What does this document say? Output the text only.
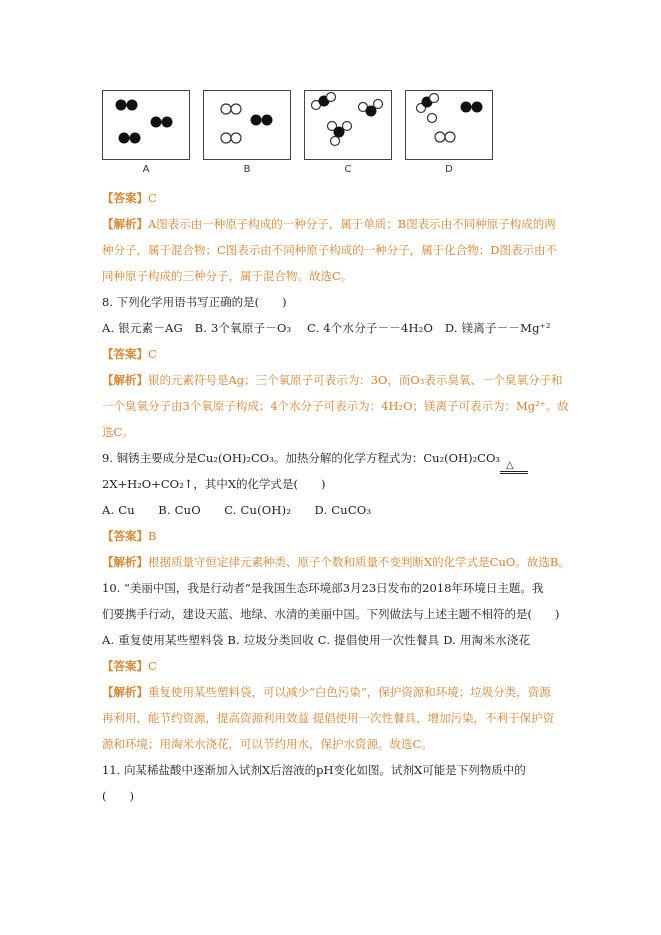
A	B	C	D
【答案】C
【解析】A图表示由一种原子构成的一种分子，属于单质；B图表示由不同种原子构成的两
种分子，属于混合物；C图表示由不同种原子构成的一种分子，属于化合物；D图表示由不
同种原子构成的三种分子，属于混合物。故选C。
8. 下列化学用语书写正确的是(　　)
A. 银元素－AG　B. 3个氧原子－O₃　 C. 4个水分子－－4H₂O　D. 镁离子－－Mg⁺²
【答案】C
【解析】银的元素符号是Ag；三个氧原子可表示为：3O，而O₃表示臭氧、一个臭氧分子和
一个臭氧分子由3个氧原子构成；4个水分子可表示为：4H₂O；镁离子可表示为：Mg²⁺。故
选C。
9. 铜锈主要成分是Cu₂(OH)₂CO₃。加热分解的化学方程式为：Cu₂(OH)₂CO₃
△
2X+H₂O+CO₂↑，其中X的化学式是(　　)
A. Cu　　B. CuO　　C. Cu(OH)₂　　D. CuCO₃
【答案】B
【解析】根据质量守恒定律元素种类、原子个数和质量不变判断X的化学式是CuO。故选B。
10. “美丽中国，我是行动者”是我国生态环境部3月23日发布的2018年环境日主题。我
们要携手行动，建设天蓝、地绿、水清的美丽中国。下列做法与上述主题不相符的是(　　)
A. 重复使用某些塑料袋 B. 垃圾分类回收 C. 提倡使用一次性餐具 D. 用淘米水浇花
【答案】C
【解析】重复使用某些塑料袋，可以减少“白色污染”，保护资源和环境；垃圾分类，资源
再利用，能节约资源，提高资源利用效益 提倡使用一次性餐具，增加污染，不利于保护资
源和环境；用淘米水浇花，可以节约用水，保护水资源。故选C。
11. 向某稀盐酸中逐渐加入试剂X后溶液的pH变化如图。试剂X可能是下列物质中的
(　　)
